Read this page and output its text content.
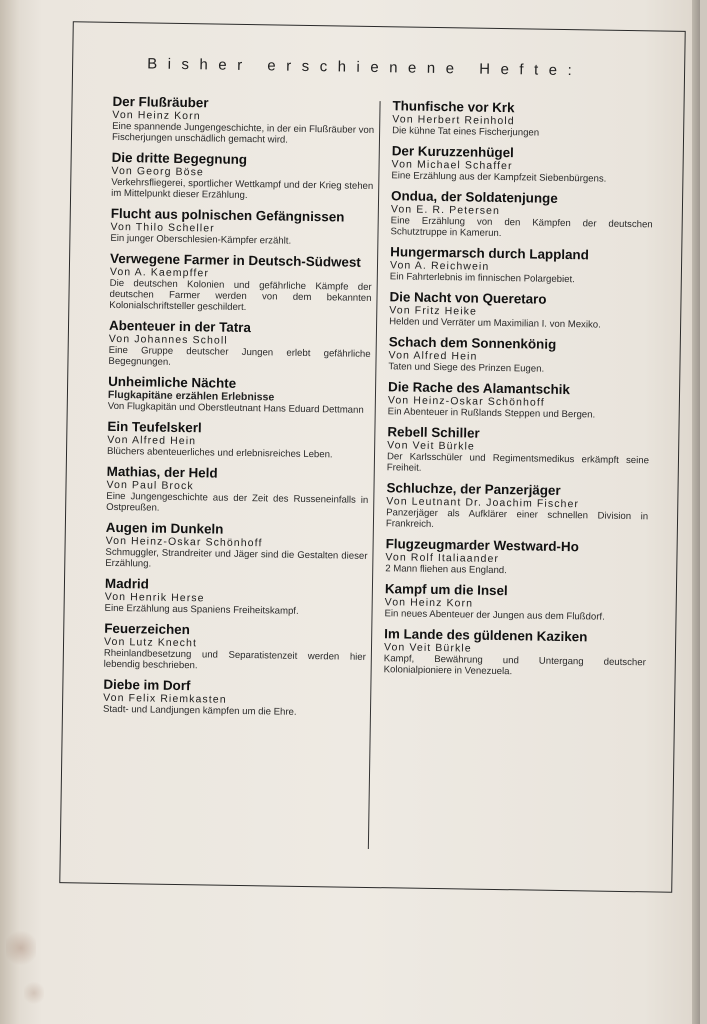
Bisher erschienene Hefte:
Der Flußräuber
Von Heinz Korn
Eine spannende Jungengeschichte, in der ein Flußräuber von Fischerjungen unschädlich gemacht wird.
Die dritte Begegnung
Von Georg Böse
Verkehrsfliegerei, sportlicher Wettkampf und der Krieg stehen im Mittelpunkt dieser Erzählung.
Flucht aus polnischen Gefängnissen
Von Thilo Scheller
Ein junger Oberschlesien-Kämpfer erzählt.
Verwegene Farmer in Deutsch-Südwest
Von A. Kaempffer
Die deutschen Kolonien und gefährliche Kämpfe der deutschen Farmer werden von dem bekannten Kolonialschriftsteller geschildert.
Abenteuer in der Tatra
Von Johannes Scholl
Eine Gruppe deutscher Jungen erlebt gefährliche Begegnungen.
Unheimliche Nächte
Flugkapitäne erzählen Erlebnisse
Von Flugkapitän und Oberstleutnant Hans Eduard Dettmann
Ein Teufelskerl
Von Alfred Hein
Blüchers abenteuerliches und erlebnisreiches Leben.
Mathias, der Held
Von Paul Brock
Eine Jungengeschichte aus der Zeit des Russeneinfalls in Ostpreußen.
Augen im Dunkeln
Von Heinz-Oskar Schönhoff
Schmuggler, Strandreiter und Jäger sind die Gestalten dieser Erzählung.
Madrid
Von Henrik Herse
Eine Erzählung aus Spaniens Freiheitskampf.
Feuerzeichen
Von Lutz Knecht
Rheinlandbesetzung und Separatistenzeit werden hier lebendig beschrieben.
Diebe im Dorf
Von Felix Riemkasten
Stadt- und Landjungen kämpfen um die Ehre.
Thunfische vor Krk
Von Herbert Reinhold
Die kühne Tat eines Fischerjungen
Der Kuruzzenhügel
Von Michael Schaffer
Eine Erzählung aus der Kampfzeit Siebenbürgens.
Ondua, der Soldatenjunge
Von E. R. Petersen
Eine Erzählung von den Kämpfen der deutschen Schutztruppe in Kamerun.
Hungermarsch durch Lappland
Von A. Reichwein
Ein Fahrterlebnis im finnischen Polargebiet.
Die Nacht von Queretaro
Von Fritz Heike
Helden und Verräter um Maximilian I. von Mexiko.
Schach dem Sonnenkönig
Von Alfred Hein
Taten und Siege des Prinzen Eugen.
Die Rache des Alamantschik
Von Heinz-Oskar Schönhoff
Ein Abenteuer in Rußlands Steppen und Bergen.
Rebell Schiller
Von Veit Bürkle
Der Karlsschüler und Regimentsmedikus erkämpft seine Freiheit.
Schluchze, der Panzerjäger
Von Leutnant Dr. Joachim Fischer
Panzerjäger als Aufklärer einer schnellen Division in Frankreich.
Flugzeugmarder Westward-Ho
Von Rolf Italiaander
2 Mann fliehen aus England.
Kampf um die Insel
Von Heinz Korn
Ein neues Abenteuer der Jungen aus dem Flußdorf.
Im Lande des güldenen Kaziken
Von Veit Bürkle
Kampf, Bewährung und Untergang deutscher Kolonialpioniere in Venezuela.
